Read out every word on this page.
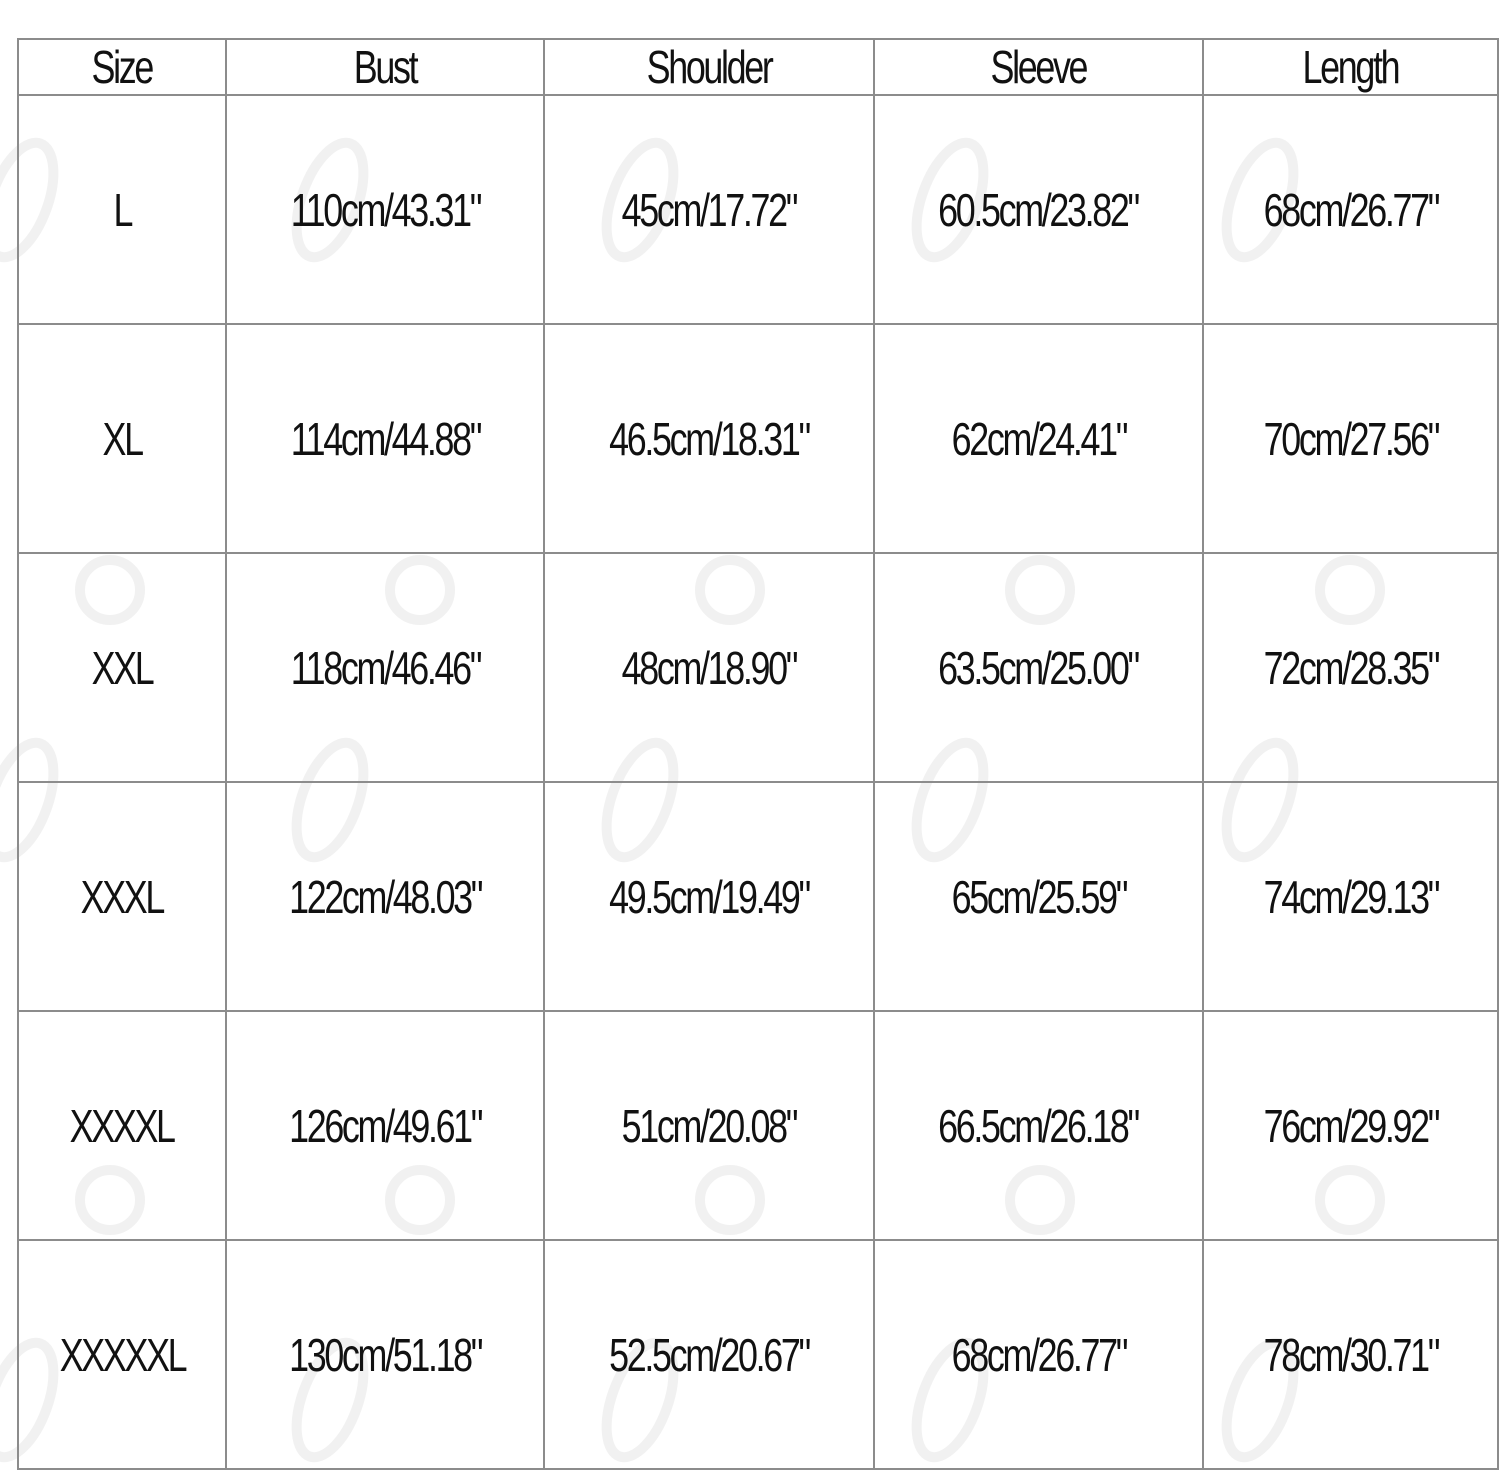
Size	Bust	Shoulder	Sleeve	Length
L	110cm/43.31"	45cm/17.72"	60.5cm/23.82"	68cm/26.77"
XL	114cm/44.88"	46.5cm/18.31"	62cm/24.41"	70cm/27.56"
XXL	118cm/46.46"	48cm/18.90"	63.5cm/25.00"	72cm/28.35"
XXXL	122cm/48.03"	49.5cm/19.49"	65cm/25.59"	74cm/29.13"
XXXXL	126cm/49.61"	51cm/20.08"	66.5cm/26.18"	76cm/29.92"
XXXXXL	130cm/51.18"	52.5cm/20.67"	68cm/26.77"	78cm/30.71"
